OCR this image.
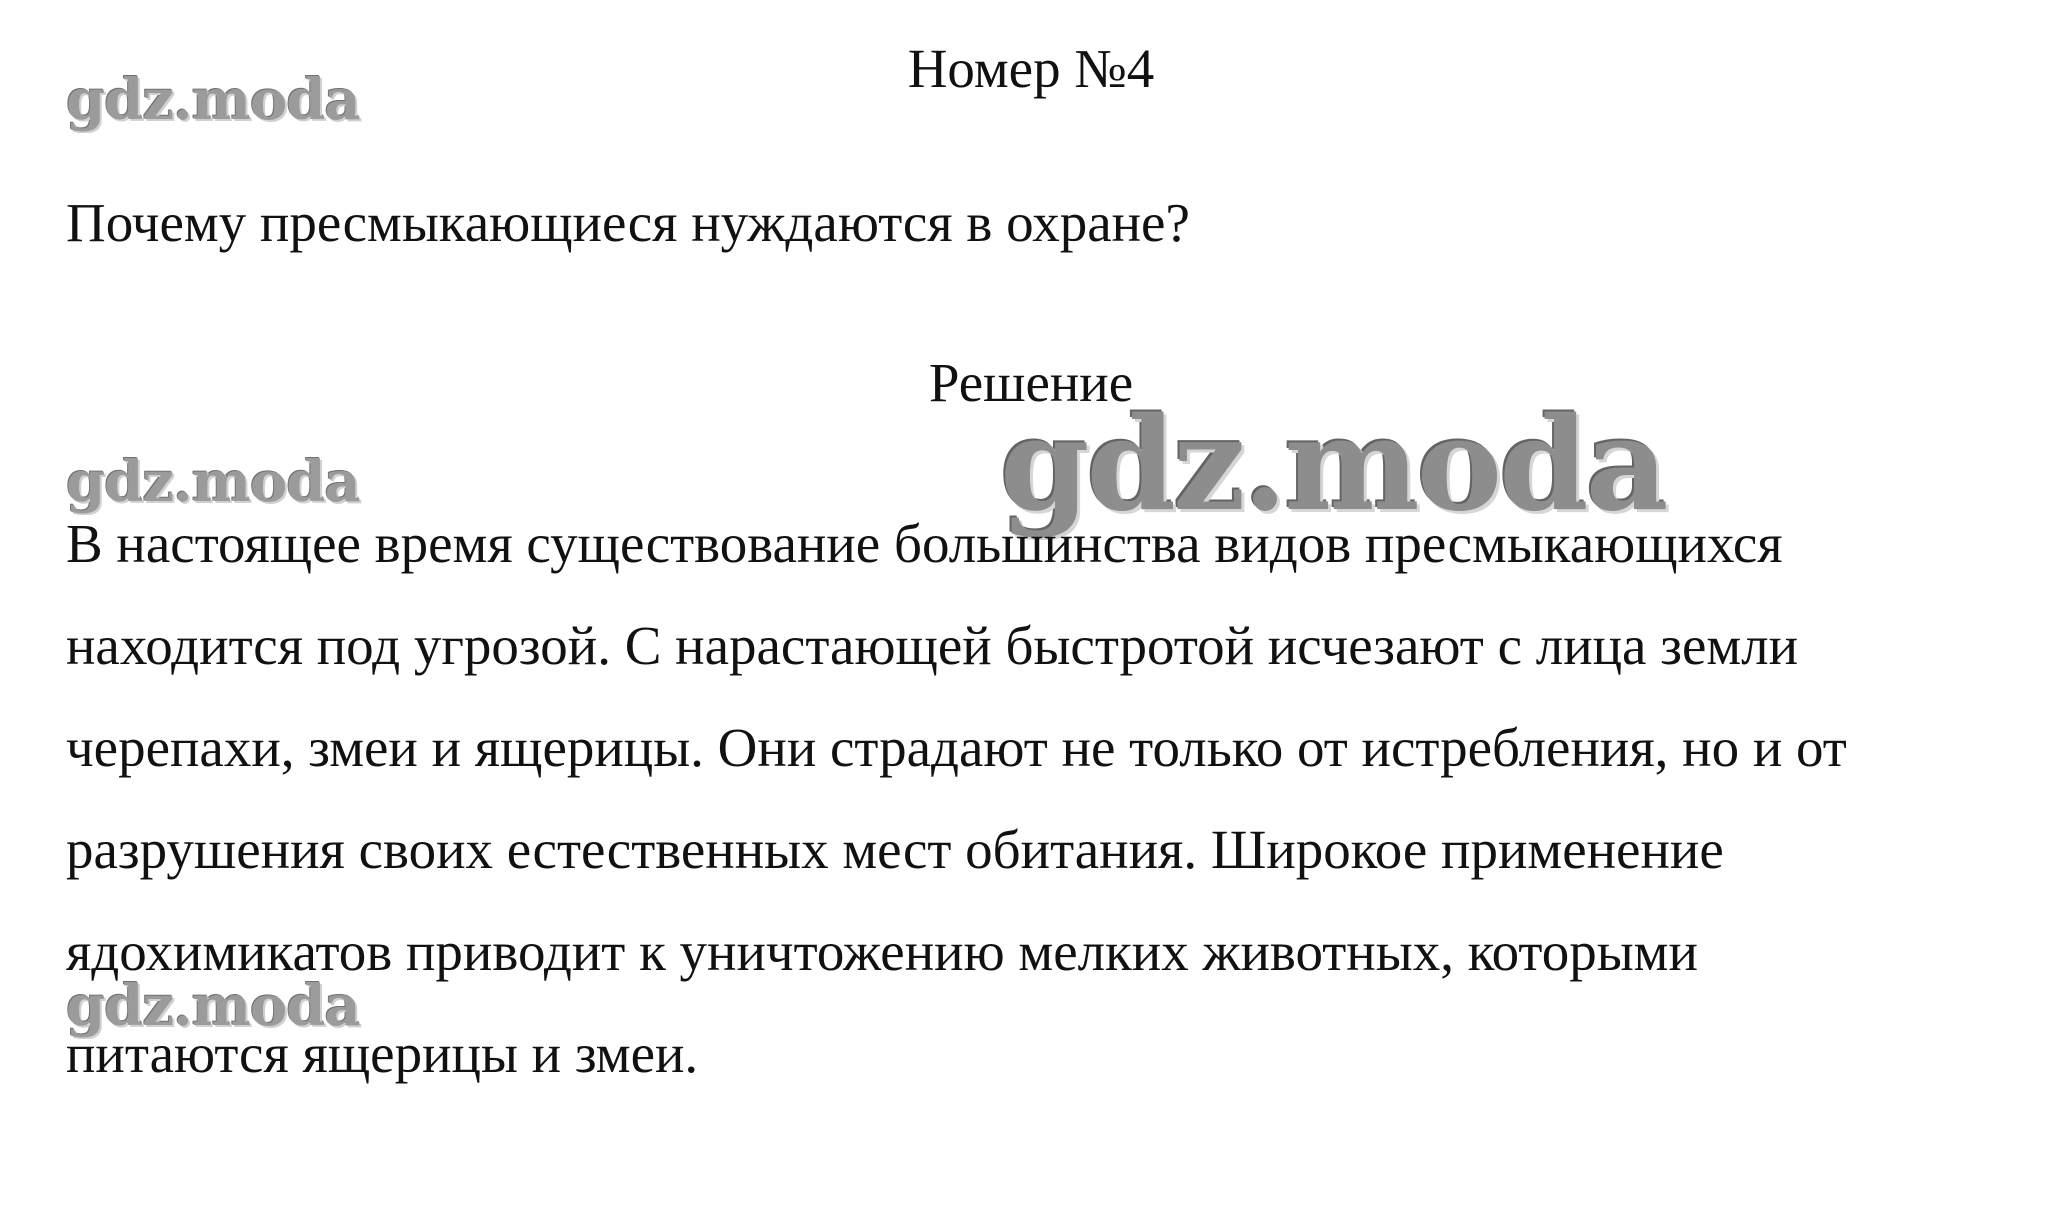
gdz.moda	Номер №4
Почему пресмыкающиеся нуждаются в охране?
Решение
gdz.moda
gdz.moda
В настоящее время существование большинства видов пресмыкающихся
находится под угрозой. С нарастающей быстротой исчезают с лица земли
черепахи, змеи и ящерицы. Они страдают не только от истребления, но и от
разрушения своих естественных мест обитания. Широкое применение
ядохимикатов приводит к уничтожению мелких животных, которыми
питаются ящерицы и змеи.
gdz.moda
